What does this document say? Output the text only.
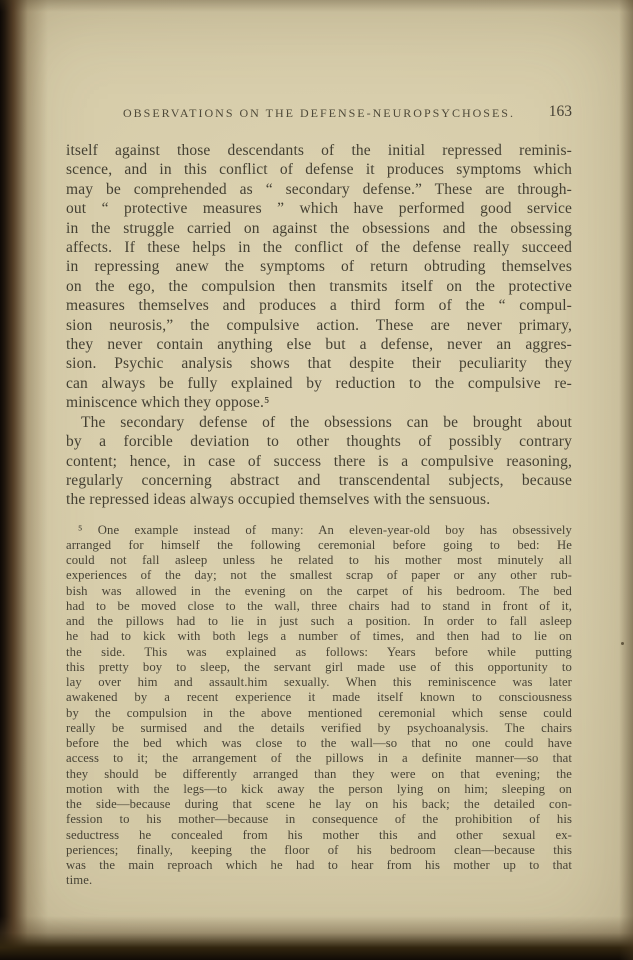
OBSERVATIONS ON THE DEFENSE-NEUROPSYCHOSES.	163
itself against those descendants of the initial repressed reminis-
scence, and in this conflict of defense it produces symptoms which
may be comprehended as “ secondary defense.” These are through-
out “ protective measures ” which have performed good service
in the struggle carried on against the obsessions and the obsessing
affects. If these helps in the conflict of the defense really succeed
in repressing anew the symptoms of return obtruding themselves
on the ego, the compulsion then transmits itself on the protective
measures themselves and produces a third form of the “ compul-
sion neurosis,” the compulsive action. These are never primary,
they never contain anything else but a defense, never an aggres-
sion. Psychic analysis shows that despite their peculiarity they
can always be fully explained by reduction to the compulsive re-
miniscence which they oppose.⁵
The secondary defense of the obsessions can be brought about
by a forcible deviation to other thoughts of possibly contrary
content; hence, in case of success there is a compulsive reasoning,
regularly concerning abstract and transcendental subjects, because
the repressed ideas always occupied themselves with the sensuous.
⁵ One example instead of many: An eleven-year-old boy has obsessively
arranged for himself the following ceremonial before going to bed: He
could not fall asleep unless he related to his mother most minutely all
experiences of the day; not the smallest scrap of paper or any other rub-
bish was allowed in the evening on the carpet of his bedroom. The bed
had to be moved close to the wall, three chairs had to stand in front of it,
and the pillows had to lie in just such a position. In order to fall asleep
he had to kick with both legs a number of times, and then had to lie on
the side. This was explained as follows: Years before while putting
this pretty boy to sleep, the servant girl made use of this opportunity to
lay over him and assault.him sexually. When this reminiscence was later
awakened by a recent experience it made itself known to consciousness
by the compulsion in the above mentioned ceremonial which sense could
really be surmised and the details verified by psychoanalysis. The chairs
before the bed which was close to the wall—so that no one could have
access to it; the arrangement of the pillows in a definite manner—so that
they should be differently arranged than they were on that evening; the
motion with the legs—to kick away the person lying on him; sleeping on
the side—because during that scene he lay on his back; the detailed con-
fession to his mother—because in consequence of the prohibition of his
seductress he concealed from his mother this and other sexual ex-
periences; finally, keeping the floor of his bedroom clean—because this
was the main reproach which he had to hear from his mother up to that
time.
